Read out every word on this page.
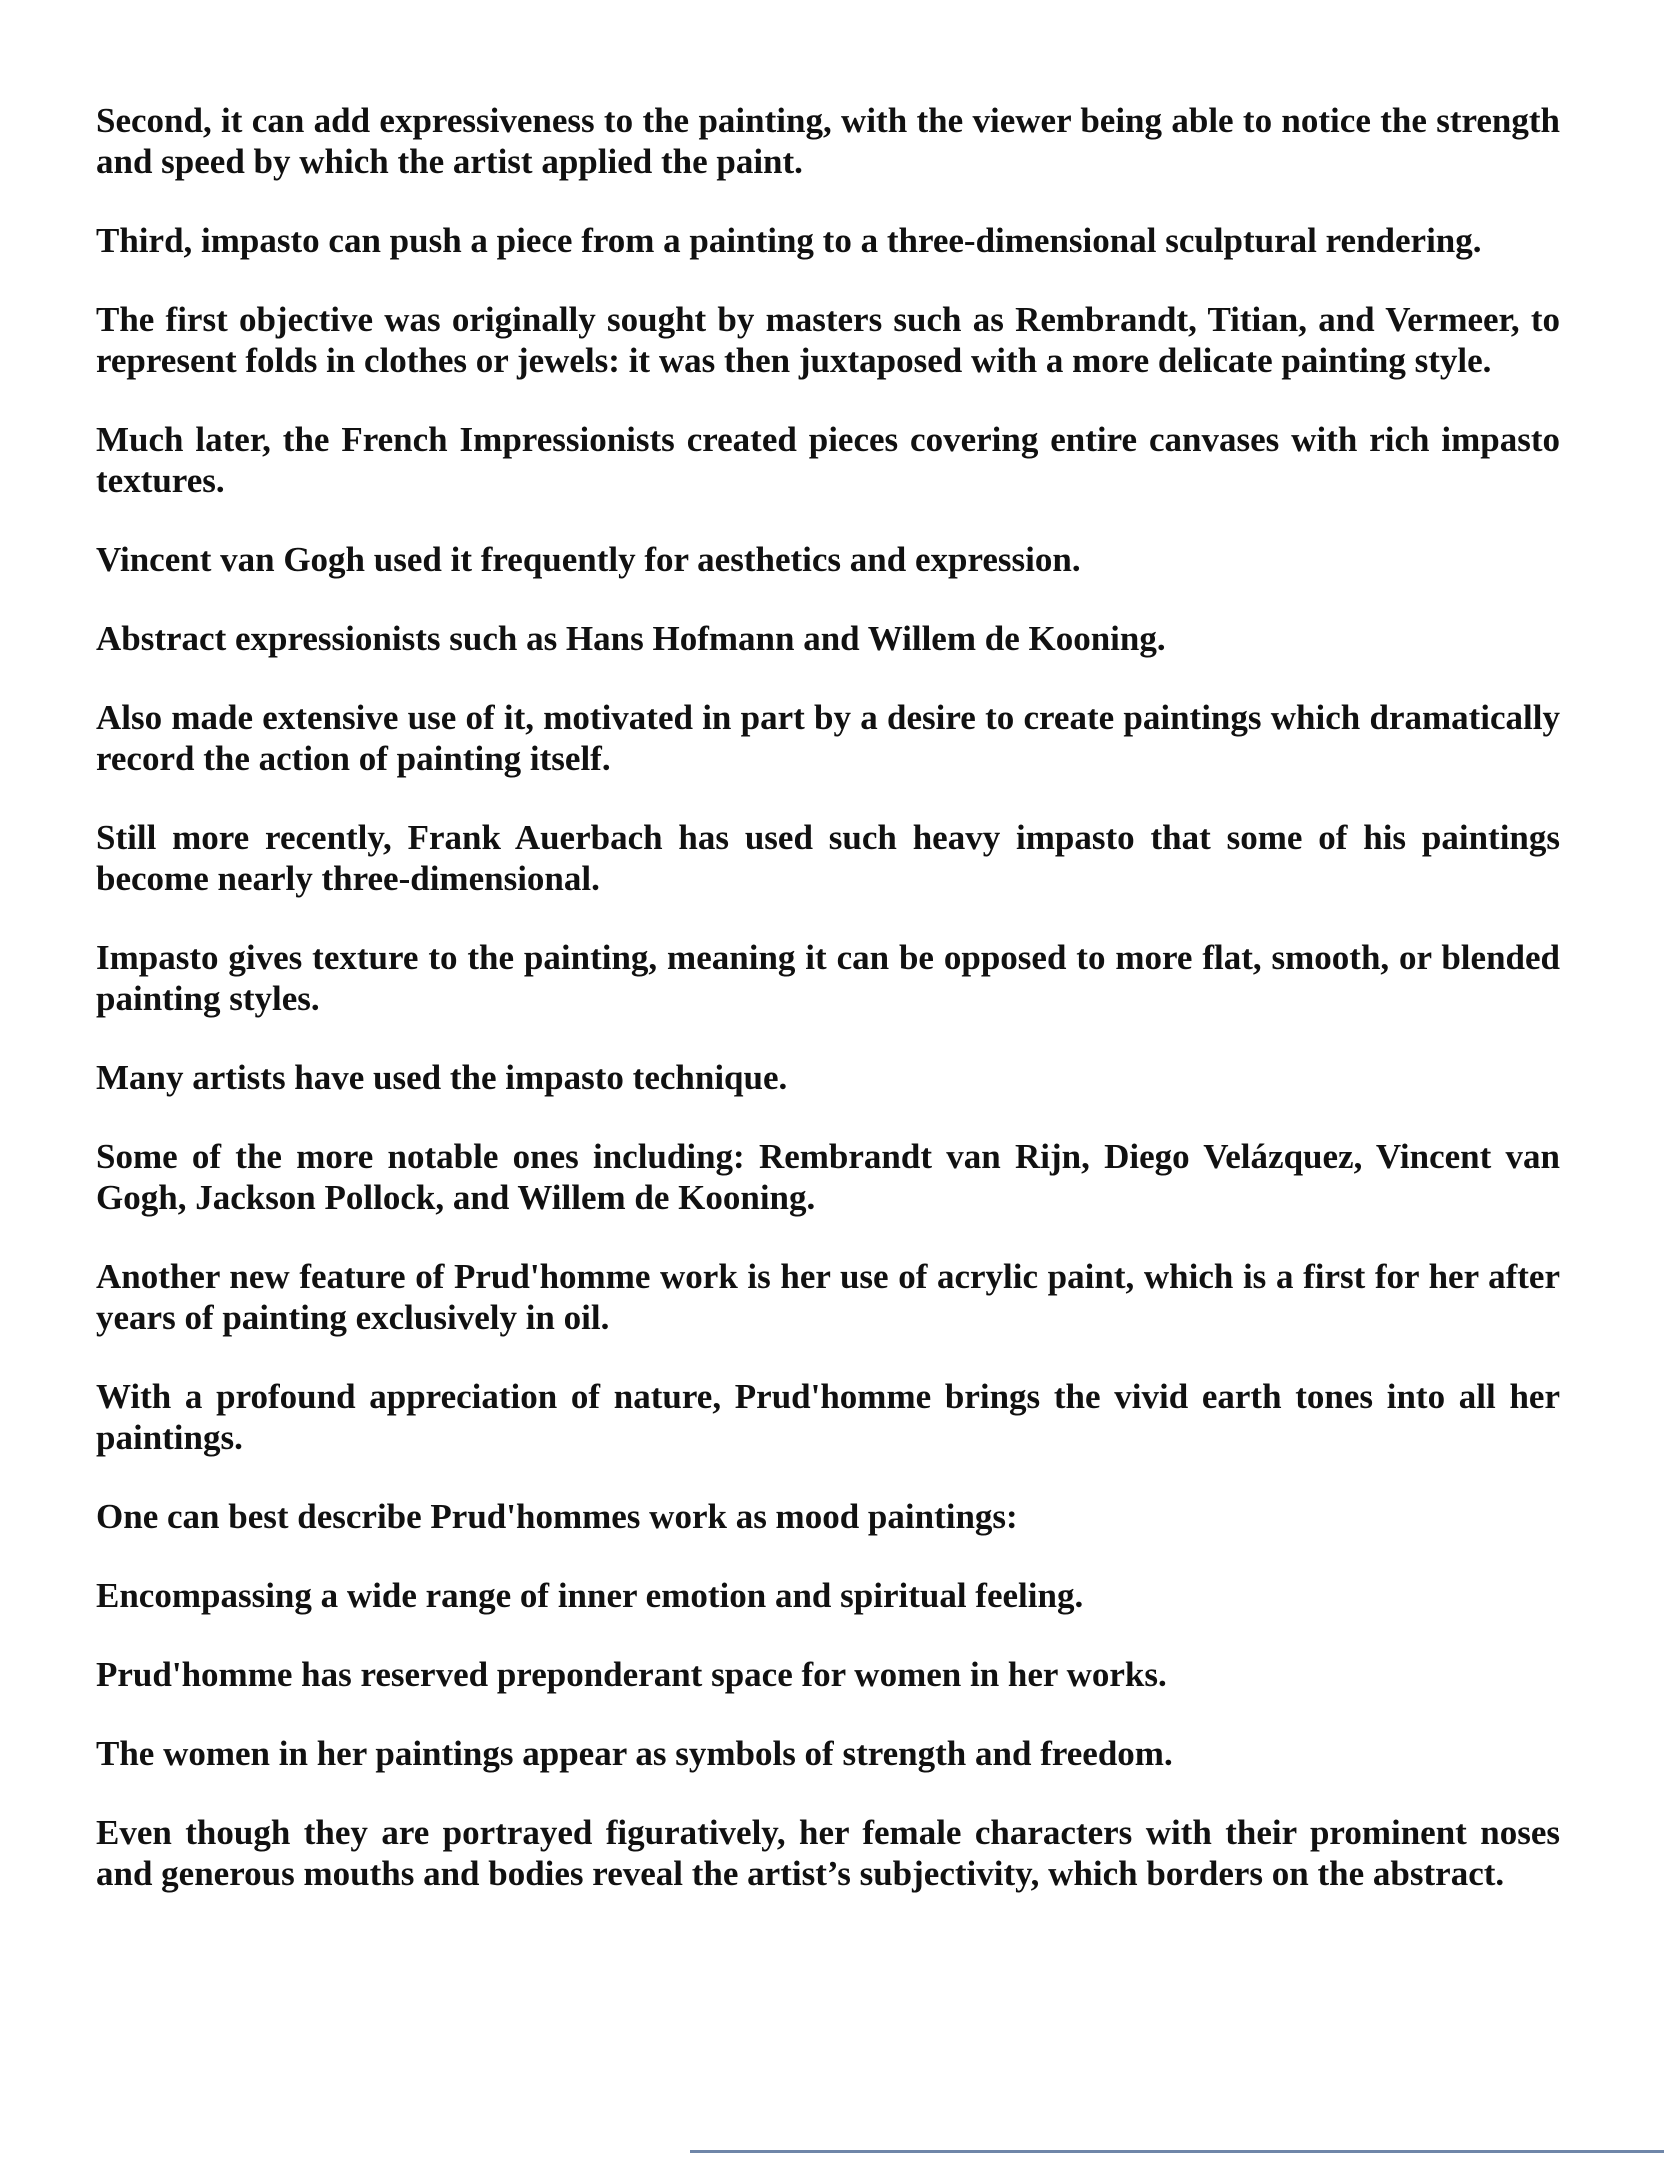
Second, it can add expressiveness to the painting, with the viewer being able to notice the strength and speed by which the artist applied the paint.

Third, impasto can push a piece from a painting to a three-dimensional sculptural rendering.

The first objective was originally sought by masters such as Rembrandt, Titian, and Vermeer, to represent folds in clothes or jewels: it was then juxtaposed with a more delicate painting style.

Much later, the French Impressionists created pieces covering entire canvases with rich impasto textures.

Vincent van Gogh used it frequently for aesthetics and expression.

Abstract expressionists such as Hans Hofmann and Willem de Kooning.

Also made extensive use of it, motivated in part by a desire to create paintings which dramatically record the action of painting itself.

Still more recently, Frank Auerbach has used such heavy impasto that some of his paintings become nearly three-dimensional.

Impasto gives texture to the painting, meaning it can be opposed to more flat, smooth, or blended painting styles.

Many artists have used the impasto technique.

Some of the more notable ones including: Rembrandt van Rijn, Diego Velázquez, Vincent van Gogh, Jackson Pollock, and Willem de Kooning.

Another new feature of Prud'homme work is her use of acrylic paint, which is a first for her after years of painting exclusively in oil.

With a profound appreciation of nature, Prud'homme brings the vivid earth tones into all her paintings.

One can best describe Prud'hommes work as mood paintings:

Encompassing a wide range of inner emotion and spiritual feeling.

Prud'homme has reserved preponderant space for women in her works.

The women in her paintings appear as symbols of strength and freedom.

Even though they are portrayed figuratively, her female characters with their prominent noses and generous mouths and bodies reveal the artist’s subjectivity, which borders on the abstract.
